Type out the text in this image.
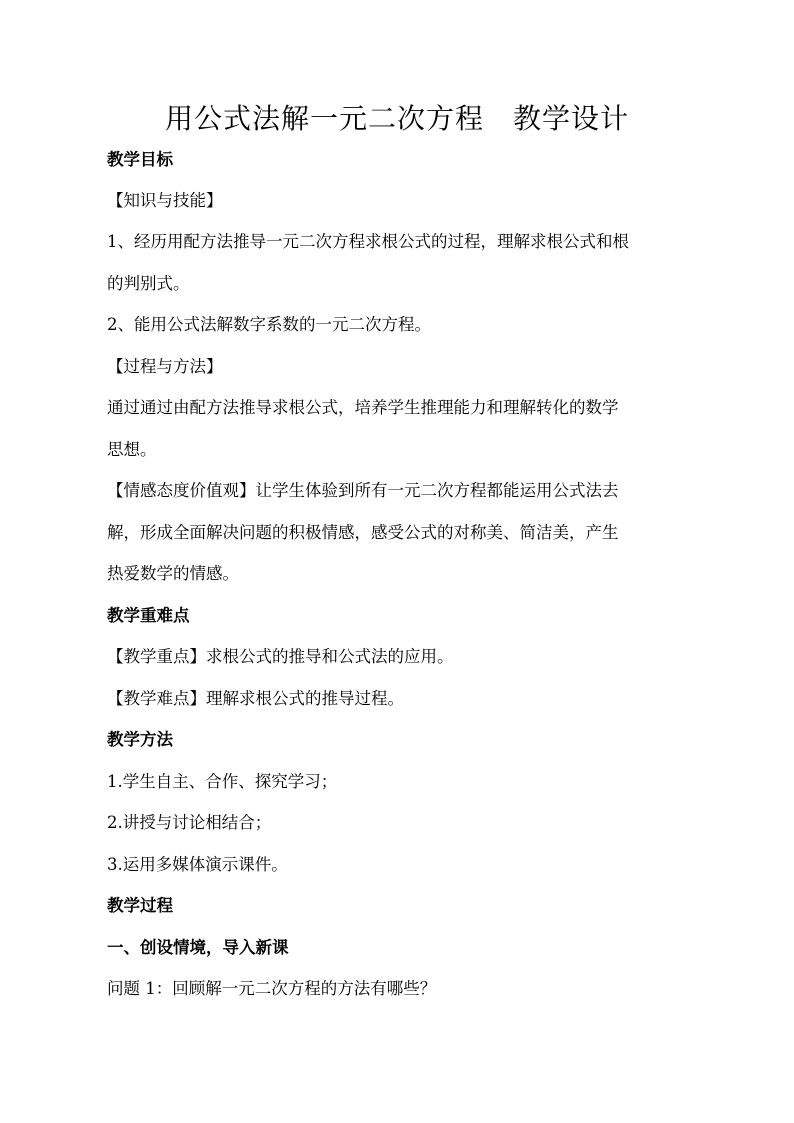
用公式法解一元二次方程　教学设计
教学目标
【知识与技能】
1、经历用配方法推导一元二次方程求根公式的过程，理解求根公式和根
的判别式。
2、能用公式法解数字系数的一元二次方程。
【过程与方法】
通过通过由配方法推导求根公式，培养学生推理能力和理解转化的数学
思想。
【情感态度价值观】让学生体验到所有一元二次方程都能运用公式法去
解，形成全面解决问题的积极情感，感受公式的对称美、简洁美，产生
热爱数学的情感。
教学重难点
【教学重点】求根公式的推导和公式法的应用。
【教学难点】理解求根公式的推导过程。
教学方法
1.学生自主、合作、探究学习；
2.讲授与讨论相结合；
3.运用多媒体演示课件。
教学过程
一、创设情境，导入新课
问题 1：回顾解一元二次方程的方法有哪些？
